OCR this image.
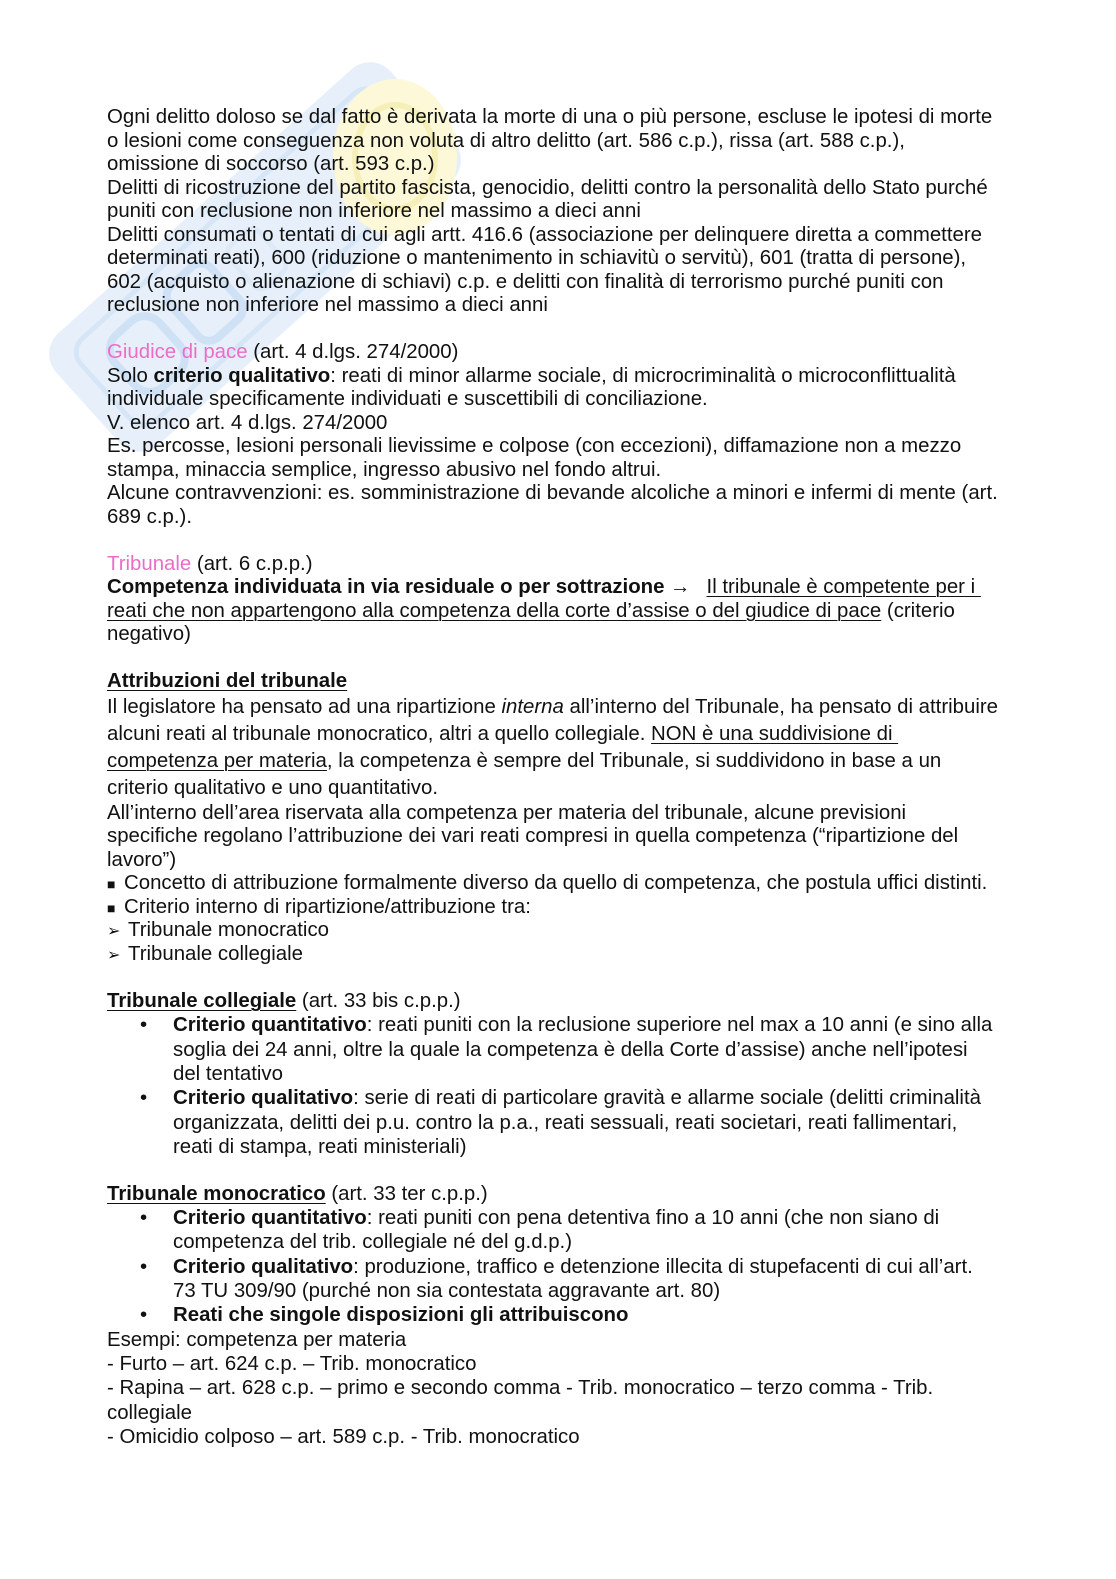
Ogni delitto doloso se dal fatto è derivata la morte di una o più persone, escluse le ipotesi di morte
o lesioni come conseguenza non voluta di altro delitto (art. 586 c.p.), rissa (art. 588 c.p.),
omissione di soccorso (art. 593 c.p.)
Delitti di ricostruzione del partito fascista, genocidio, delitti contro la personalità dello Stato purché
puniti con reclusione non inferiore nel massimo a dieci anni
Delitti consumati o tentati di cui agli artt. 416.6 (associazione per delinquere diretta a commettere
determinati reati), 600 (riduzione o mantenimento in schiavitù o servitù), 601 (tratta di persone),
602 (acquisto o alienazione di schiavi) c.p. e delitti con finalità di terrorismo purché puniti con
reclusione non inferiore nel massimo a dieci anni
Giudice di pace (art. 4 d.lgs. 274/2000)
Solo criterio qualitativo: reati di minor allarme sociale, di microcriminalità o microconflittualità
individuale specificamente individuati e suscettibili di conciliazione.
V. elenco art. 4 d.lgs. 274/2000
Es. percosse, lesioni personali lievissime e colpose (con eccezioni), diffamazione non a mezzo
stampa, minaccia semplice, ingresso abusivo nel fondo altrui.
Alcune contravvenzioni: es. somministrazione di bevande alcoliche a minori e infermi di mente (art.
689 c.p.).
Tribunale (art. 6 c.p.p.)
Competenza individuata in via residuale o per sottrazione → Il tribunale è competente per i
reati che non appartengono alla competenza della corte d’assise o del giudice di pace (criterio
negativo)
Attribuzioni del tribunale
Il legislatore ha pensato ad una ripartizione interna all’interno del Tribunale, ha pensato di attribuire
alcuni reati al tribunale monocratico, altri a quello collegiale. NON è una suddivisione di
competenza per materia, la competenza è sempre del Tribunale, si suddividono in base a un
criterio qualitativo e uno quantitativo.
All’interno dell’area riservata alla competenza per materia del tribunale, alcune previsioni
specifiche regolano l’attribuzione dei vari reati compresi in quella competenza (“ripartizione del
lavoro”)
■ Concetto di attribuzione formalmente diverso da quello di competenza, che postula uffici distinti.
■ Criterio interno di ripartizione/attribuzione tra:
➢ Tribunale monocratico
➢ Tribunale collegiale
Tribunale collegiale (art. 33 bis c.p.p.)
•	Criterio quantitativo: reati puniti con la reclusione superiore nel max a 10 anni (e sino alla
soglia dei 24 anni, oltre la quale la competenza è della Corte d’assise) anche nell’ipotesi
del tentativo
•	Criterio qualitativo: serie di reati di particolare gravità e allarme sociale (delitti criminalità
organizzata, delitti dei p.u. contro la p.a., reati sessuali, reati societari, reati fallimentari,
reati di stampa, reati ministeriali)
Tribunale monocratico (art. 33 ter c.p.p.)
•	Criterio quantitativo: reati puniti con pena detentiva fino a 10 anni (che non siano di
competenza del trib. collegiale né del g.d.p.)
•	Criterio qualitativo: produzione, traffico e detenzione illecita di stupefacenti di cui all’art.
73 TU 309/90 (purché non sia contestata aggravante art. 80)
•	Reati che singole disposizioni gli attribuiscono
Esempi: competenza per materia
- Furto – art. 624 c.p. – Trib. monocratico
- Rapina – art. 628 c.p. – primo e secondo comma - Trib. monocratico – terzo comma - Trib.
collegiale
- Omicidio colposo – art. 589 c.p. - Trib. monocratico
